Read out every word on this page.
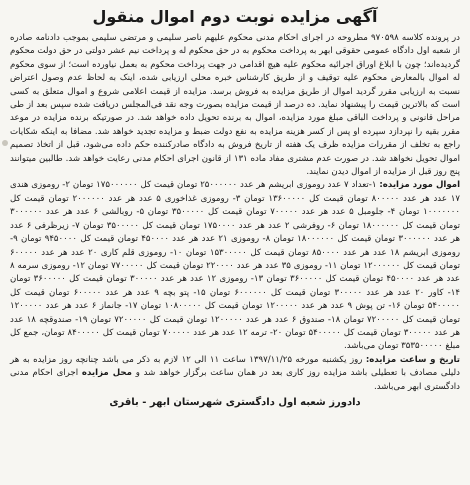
آگهی مزایده نوبت دوم اموال منقول

در پرونده کلاسه ۹۷۰۵۹۸ مطروحه در اجرای احکام مدنی محکوم علیهم ناصر سلیمی و مرتضی سلیمی بموجب دادنامه صادره از شعبه اول دادگاه عمومی حقوقی ابهر به پرداخت محکوم به در حق محکوم له و پرداخت نیم عشر دولتی در حق دولت محکوم گردیده‌اند؛ چون با ابلاغ اوراق اجرائیه محکوم علیه هیچ اقدامی در جهت پرداخت محکوم به بعمل نیاورده است؛ از سوی محکوم له اموال بالمعارض محکوم علیه توقیف و از طریق کارشناس خبره محلی ارزیابی شده، اینک به لحاظ عدم وصول اعتراض نسبت به ارزیابی مقرر گردید اموال از طریق مزایده به فروش برسد. مزایده از قیمت اعلامی شروع و اموال متعلق به کسی است که بالاترین قیمت را پیشنهاد نماید. ده درصد از قیمت مزایده بصورت وجه نقد فی‌المجلس دریافت شده سپس بعد از طی مراحل قانونی و پرداخت الباقی مبلغ مورد مزایده، اموال به برنده تحویل داده خواهد شد. در صورتیکه برنده مزایده در موعد مقرر بقیه را نپردازد سپرده او پس از کسر هزینه مزایده به نفع دولت ضبط و مزایده تجدید خواهد شد. مضافا به اینکه شکایات راجع به تخلف از مقررات مزایده ظرف یک هفته از تاریخ فروش به دادگاه صادرکننده حکم داده می‌شود، قبل از اتخاذ تصمیم اموال تحویل نخواهد شد. در صورت عدم مشتری مفاد ماده ۱۳۱ از قانون اجرای احکام مدنی رعایت خواهد شد. طالبین میتوانند پنج روز قبل از مزایده از اموال دیدن نمایند.

اموال مورد مزایده: ۱-تعداد ۷ عدد روموزی ابریشم هر عدد ۲۵۰۰۰۰۰۰ تومان قیمت کل ۱۷۵۰۰۰۰۰۰ تومان ۲- روموزی هندی ۱۷ عدد هر عدد ۸۰۰۰۰۰ تومان قیمت کل ۱۳۶۰۰۰۰۰ تومان ۳- روموزی غذاخوری ۵ عدد هر عدد ۲۰۰۰۰۰۰ تومان قیمت کل ۱۰۰۰۰۰۰۰ تومان ۴- جلومبل ۵ عدد هر عدد ۷۰۰۰۰۰ تومان قیمت کل ۳۵۰۰۰۰۰ تومان ۵- روبالشی ۶ عدد هر عدد ۳۰۰۰۰۰۰ تومان قیمت کل ۱۸۰۰۰۰۰۰ تومان ۶- روفرشی ۲ عدد هر عدد ۱۷۵۰۰۰۰ تومان قیمت کل ۳۵۰۰۰۰۰ تومان ۷- زیرظرفی ۶ عدد هر عدد ۳۰۰۰۰۰۰ تومان قیمت کل ۱۸۰۰۰۰۰۰ تومان ۸- روموزی ۲۱ عدد هر عدد ۴۵۰۰۰۰ تومان قیمت کل ۹۴۵۰۰۰۰ تومان ۹- روموزی ابریشم ۱۸ عدد هر عدد ۸۵۰۰۰۰ تومان قیمت کل ۱۵۳۰۰۰۰۰ تومان ۱۰- روموزی قلم کاری ۲۰ عدد هر عدد ۶۰۰۰۰۰ تومان قیمت کل ۱۲۰۰۰۰۰۰ تومان ۱۱- روموزی ۳۵ عدد هر عدد ۲۲۰۰۰۰ تومان قیمت کل ۷۷۰۰۰۰۰ تومان ۱۲- روموزی سرمه ۸ عدد هر عدد ۴۵۰۰۰۰ تومان قیمت کل ۳۶۰۰۰۰۰ تومان ۱۳- روموزی ۱۲ عدد هر عدد ۳۰۰۰۰۰ تومان قیمت کل ۳۶۰۰۰۰۰ تومان ۱۴- کاور ۲۰ عدد هر عدد ۳۰۰۰۰۰ تومان قیمت کل ۶۰۰۰۰۰۰ تومان ۱۵- پتو بچه ۹ عدد هر عدد ۶۰۰۰۰۰ تومان قیمت کل ۵۴۰۰۰۰۰ تومان ۱۶- تن پوش ۹ عدد هر عدد ۱۲۰۰۰۰۰ تومان قیمت کل ۱۰۸۰۰۰۰۰ تومان ۱۷- جانماز ۶ عدد هر عدد ۱۲۰۰۰۰۰ تومان قیمت کل ۷۲۰۰۰۰۰ تومان ۱۸- صندوق ۶ عدد هر عدد ۱۲۰۰۰۰۰ تومان قیمت کل ۷۲۰۰۰۰۰ تومان ۱۹- صندوقچه ۱۸ عدد هر عدد ۳۰۰۰۰۰ تومان قیمت کل ۵۴۰۰۰۰۰ تومان ۲۰- ترمه ۱۲ عدد هر عدد ۷۰۰۰۰۰ تومان قیمت کل ۸۴۰۰۰۰۰ تومان، جمع کل مبلغ ۳۵۳۵۰۰۰۰۰ تومان می‌باشد.

تاریخ و ساعت مزایده: روز یکشنبه مورخه ۱۳۹۷/۱۱/۲۵ ساعت ۱۱ الی ۱۲ لازم به ذکر می باشد چنانچه روز مزایده به هر دلیلی مصادف با تعطیلی باشد مزایده روز کاری بعد در همان ساعت برگزار خواهد شد و محل مزایده اجرای احکام مدنی دادگستری ابهر می‌باشد.

دادورز شعبه اول دادگستری شهرستان ابهر - باقری
